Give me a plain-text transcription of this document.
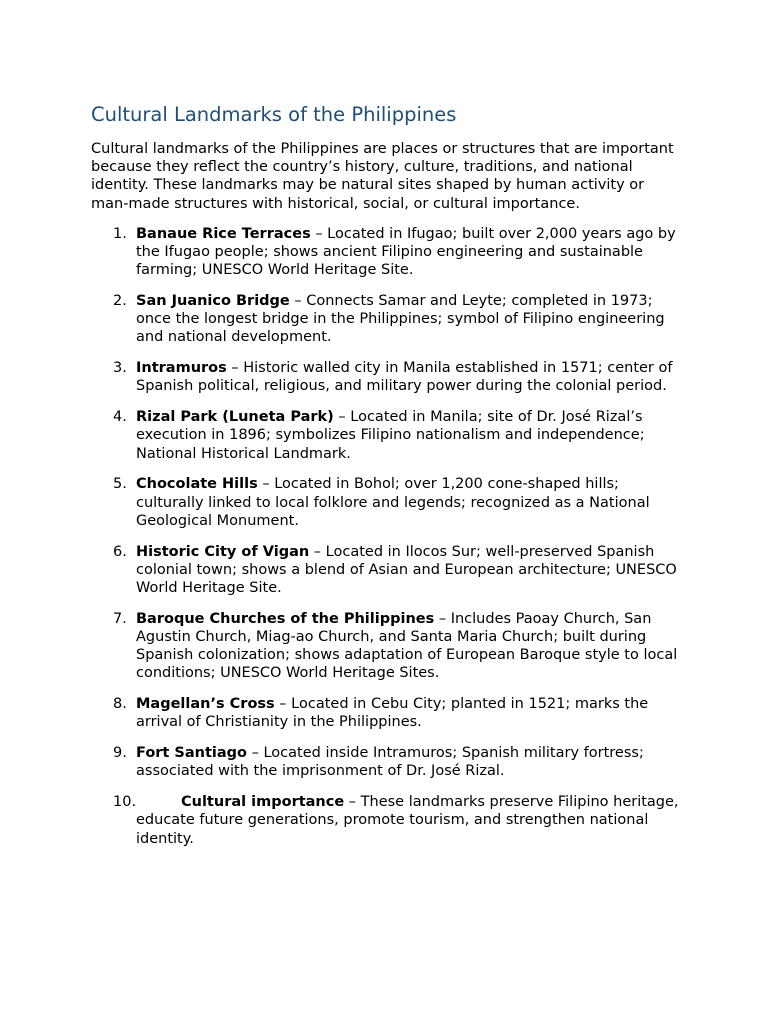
Cultural Landmarks of the Philippines

Cultural landmarks of the Philippines are places or structures that are important because they reflect the country’s history, culture, traditions, and national identity. These landmarks may be natural sites shaped by human activity or man-made structures with historical, social, or cultural importance.

1. Banaue Rice Terraces – Located in Ifugao; built over 2,000 years ago by the Ifugao people; shows ancient Filipino engineering and sustainable farming; UNESCO World Heritage Site.
2. San Juanico Bridge – Connects Samar and Leyte; completed in 1973; once the longest bridge in the Philippines; symbol of Filipino engineering and national development.
3. Intramuros – Historic walled city in Manila established in 1571; center of Spanish political, religious, and military power during the colonial period.
4. Rizal Park (Luneta Park) – Located in Manila; site of Dr. José Rizal’s execution in 1896; symbolizes Filipino nationalism and independence; National Historical Landmark.
5. Chocolate Hills – Located in Bohol; over 1,200 cone-shaped hills; culturally linked to local folklore and legends; recognized as a National Geological Monument.
6. Historic City of Vigan – Located in Ilocos Sur; well-preserved Spanish colonial town; shows a blend of Asian and European architecture; UNESCO World Heritage Site.
7. Baroque Churches of the Philippines – Includes Paoay Church, San Agustin Church, Miag-ao Church, and Santa Maria Church; built during Spanish colonization; shows adaptation of European Baroque style to local conditions; UNESCO World Heritage Sites.
8. Magellan’s Cross – Located in Cebu City; planted in 1521; marks the arrival of Christianity in the Philippines.
9. Fort Santiago – Located inside Intramuros; Spanish military fortress; associated with the imprisonment of Dr. José Rizal.
10.	Cultural importance – These landmarks preserve Filipino heritage, educate future generations, promote tourism, and strengthen national identity.
